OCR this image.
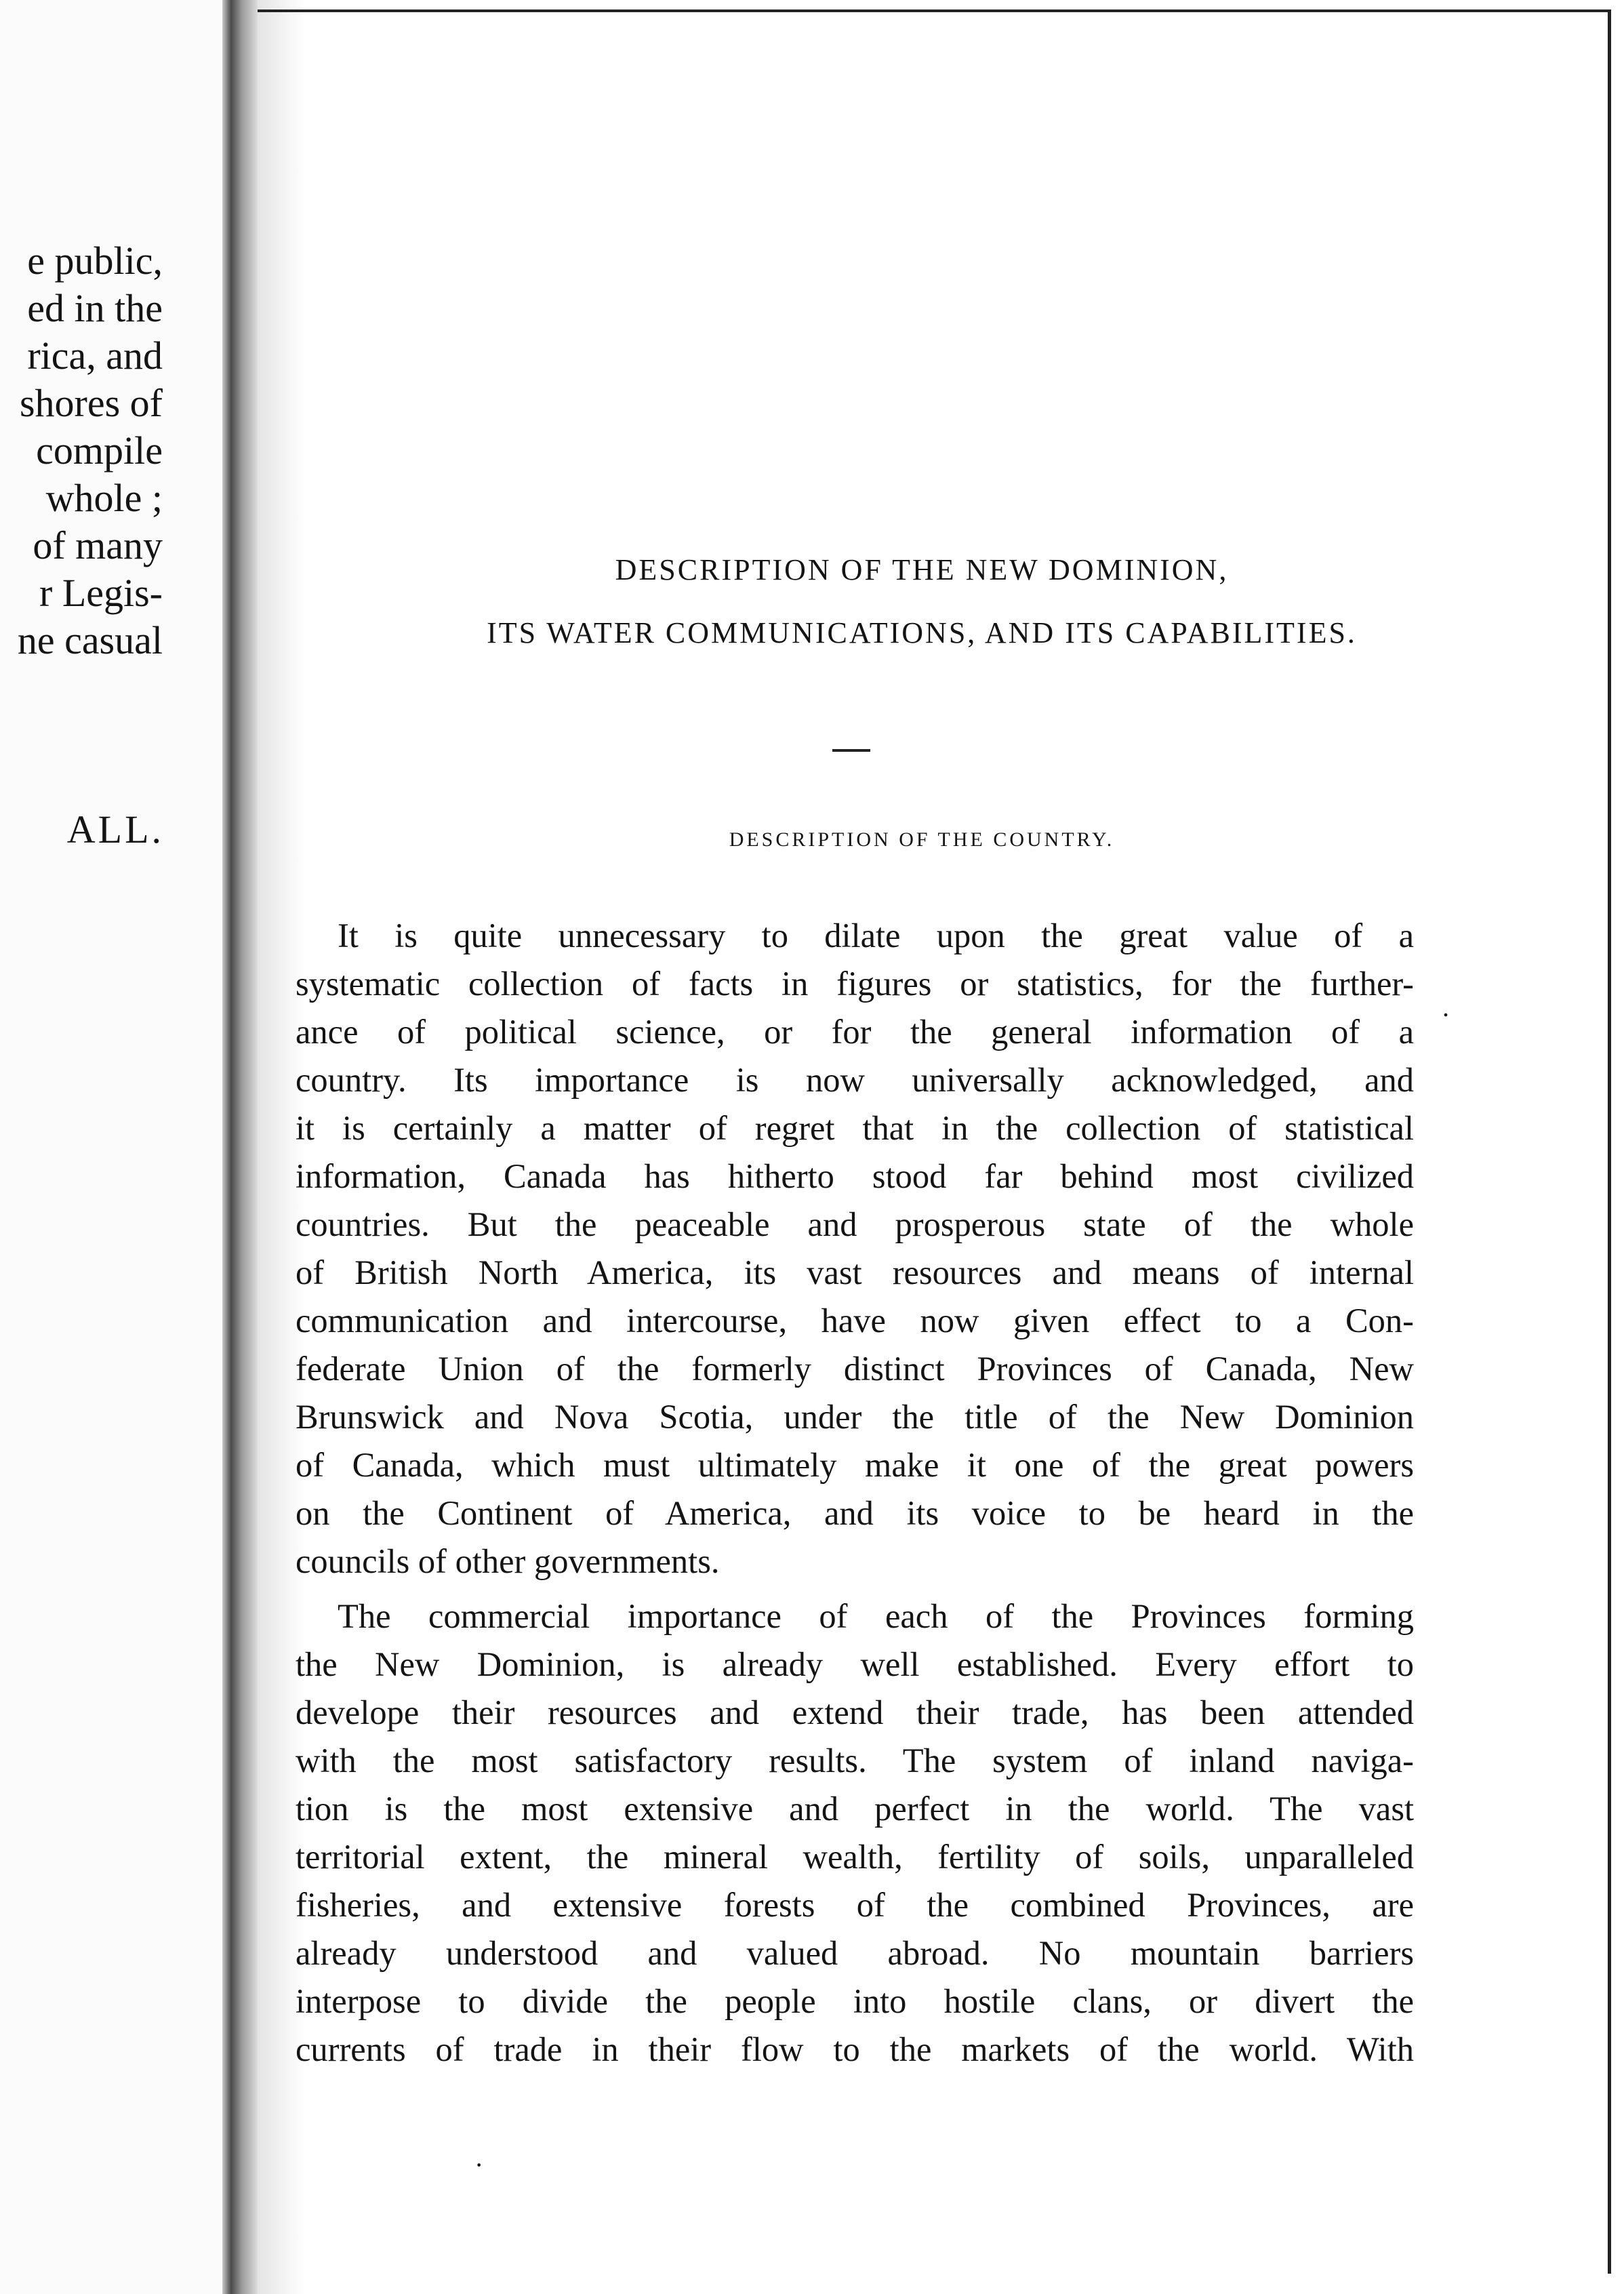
e public,
ed in the
rica, and
shores of
compile
whole ;
of many
r Legis-
ne casual
ALL.
DESCRIPTION OF THE NEW DOMINION,
ITS WATER COMMUNICATIONS, AND ITS CAPABILITIES.
DESCRIPTION OF THE COUNTRY.
It is quite unnecessary to dilate upon the great value of a
systematic collection of facts in figures or statistics, for the further-
ance of political science, or for the general information of a
country. Its importance is now universally acknowledged, and
it is certainly a matter of regret that in the collection of statistical
information, Canada has hitherto stood far behind most civilized
countries. But the peaceable and prosperous state of the whole
of British North America, its vast resources and means of internal
communication and intercourse, have now given effect to a Con-
federate Union of the formerly distinct Provinces of Canada, New
Brunswick and Nova Scotia, under the title of the New Dominion
of Canada, which must ultimately make it one of the great powers
on the Continent of America, and its voice to be heard in the
councils of other governments.
The commercial importance of each of the Provinces forming
the New Dominion, is already well established. Every effort to
develope their resources and extend their trade, has been attended
with the most satisfactory results. The system of inland naviga-
tion is the most extensive and perfect in the world. The vast
territorial extent, the mineral wealth, fertility of soils, unparalleled
fisheries, and extensive forests of the combined Provinces, are
already understood and valued abroad. No mountain barriers
interpose to divide the people into hostile clans, or divert the
currents of trade in their flow to the markets of the world. With
.
·
